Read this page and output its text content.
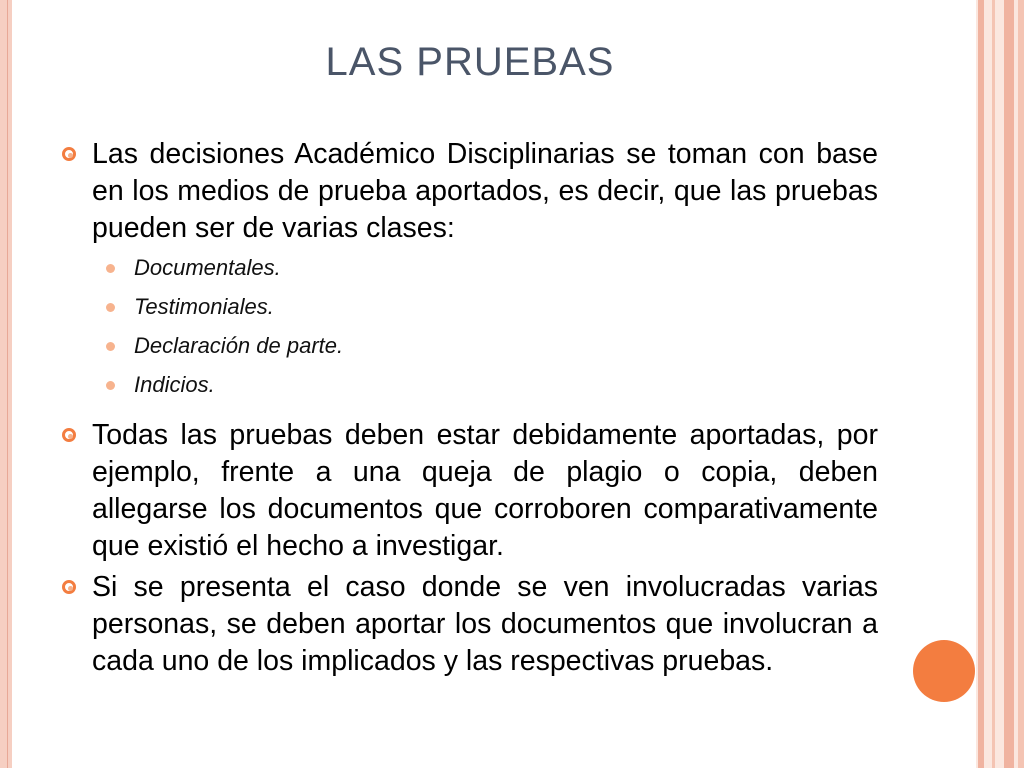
LAS PRUEBAS
Las decisiones Académico Disciplinarias se toman con base en los medios de prueba aportados, es decir, que las pruebas pueden ser de varias clases:
Documentales.
Testimoniales.
Declaración de parte.
Indicios.
Todas las pruebas deben estar debidamente aportadas, por ejemplo, frente a una queja de plagio o copia, deben allegarse los documentos que corroboren comparativamente que existió el hecho a investigar.
Si se presenta el caso donde se ven involucradas varias personas, se deben aportar los documentos que involucran a cada uno de los implicados y las respectivas pruebas.
